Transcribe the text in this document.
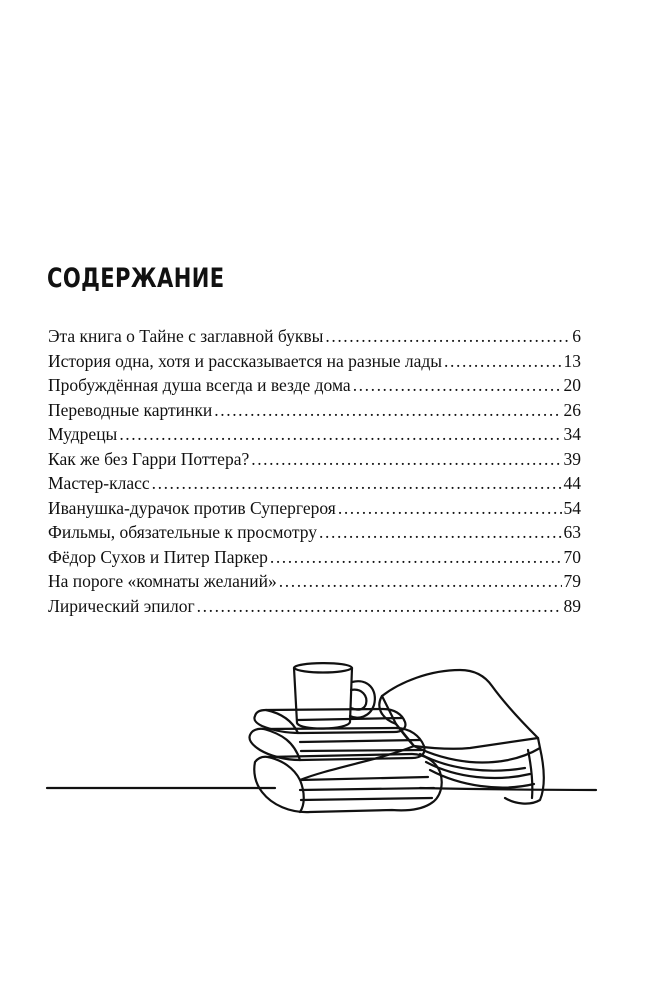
СОДЕРЖАНИЕ
Эта книга о Тайне с заглавной буквы .....	6
История одна, хотя и рассказывается на разные лады .....	13
Пробуждённая душа всегда и везде дома .....	20
Переводные картинки .....	26
Мудрецы .....	34
Как же без Гарри Поттера? .....	39
Мастер-класс .....	44
Иванушка-дурачок против Супергероя .....	54
Фильмы, обязательные к просмотру .....	63
Фёдор Сухов и Питер Паркер .....	70
На пороге «комнаты желаний» .....	79
Лирический эпилог .....	89
